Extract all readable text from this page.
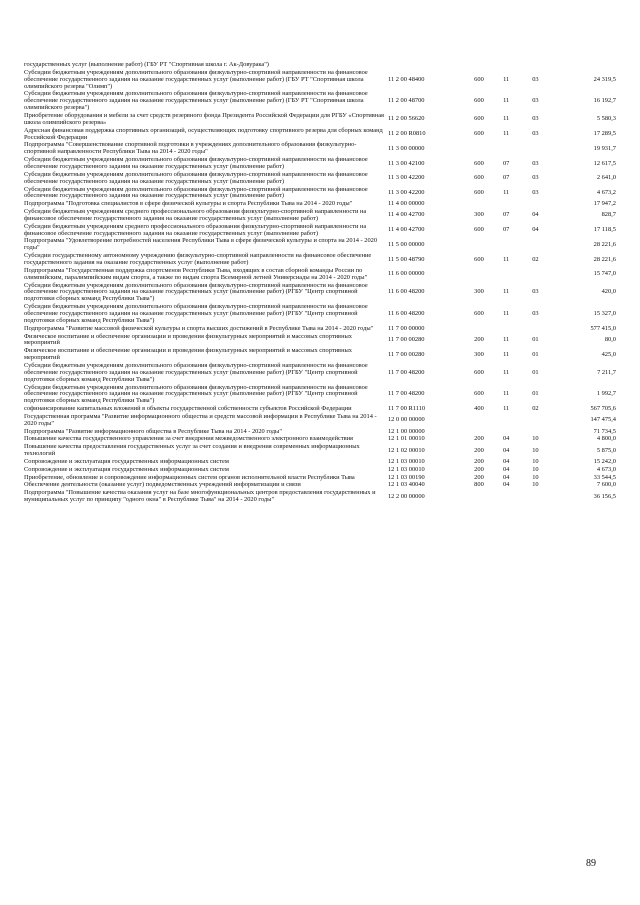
государственных услуг (выполнение работ) (ГБУ РТ "Спортивная школа г. Ак-Довурака")					
Субсидии бюджетным учреждениям дополнительного образования физкультурно-спортивной направленности на финансовое обеспечение государственного задания на оказание государственных услуг (выполнение работ) (ГБУ РТ "Спортивная школа олимпийского резерва "Олимп")	11 2 00 48400	600	11	03	24 319,5
Субсидии бюджетным учреждениям дополнительного образования физкультурно-спортивной направленности на финансовое обеспечение государственного задания на оказание государственных услуг (выполнение работ) (ГБУ РТ "Спортивная школа олимпийского резерва")	11 2 00 48700	600	11	03	16 192,7
Приобретение оборудования и мебели за счет средств резервного фонда Президента Российской Федерации для РГБУ «Спортивная школа олимпийского резерва»	11 2 00 56620	600	11	03	5 580,3
Адресная финансовая поддержка спортивных организаций, осуществляющих подготовку спортивного резерва для сборных команд Российской Федерации	11 2 00 R0810	600	11	03	17 289,5
Подпрограмма "Совершенствование спортивной подготовки в учреждениях дополнительного образования физкультурно-спортивной направленности Республики Тыва на 2014 - 2020 годы"	11 3 00 00000				19 931,7
Субсидии бюджетным учреждениям дополнительного образования физкультурно-спортивной направленности на финансовое обеспечение государственного задания на оказание государственных услуг (выполнение работ)	11 3 00 42100	600	07	03	12 617,5
Субсидии бюджетным учреждениям дополнительного образования физкультурно-спортивной направленности на финансовое обеспечение государственного задания на оказание государственных услуг (выполнение работ)	11 3 00 42200	600	07	03	2 641,0
Субсидии бюджетным учреждениям дополнительного образования физкультурно-спортивной направленности на финансовое обеспечение государственного задания на оказание государственных услуг (выполнение работ)	11 3 00 42200	600	11	03	4 673,2
Подпрограмма "Подготовка специалистов в сфере физической культуры и спорта Республики Тыва на 2014 - 2020 годы"	11 4 00 00000				17 947,2
Субсидии бюджетным учреждениям среднего профессионального образования физкультурно-спортивной направленности на финансовое обеспечение государственного задания на оказание государственных услуг (выполнение работ)	11 4 00 42700	300	07	04	828,7
Субсидии бюджетным учреждениям среднего профессионального образования физкультурно-спортивной направленности на финансовое обеспечение государственного задания на оказание государственных услуг (выполнение работ)	11 4 00 42700	600	07	04	17 118,5
Подпрограмма "Удовлетворение потребностей населения Республики Тыва в сфере физической культуры и спорта на 2014 - 2020 годы"	11 5 00 00000				28 221,6
Субсидии государственному автономному учреждению физкультурно-спортивной направленности на финансовое обеспечение государственного задания на оказание государственных услуг (выполнение работ)	11 5 00 48790	600	11	02	28 221,6
Подпрограмма "Государственная поддержка спортсменов Республики Тыва, входящих в состав сборной команды России по олимпийским, паралимпийским видам спорта, а также по видам спорта Всемирной летней Универсиады на 2014 - 2020 годы"	11 6 00 00000				15 747,0
Субсидии бюджетным учреждениям дополнительного образования физкультурно-спортивной направленности на финансовое обеспечение государственного задания на оказание государственных услуг (выполнение работ) (РГБУ "Центр спортивной подготовки сборных команд Республики Тыва")	11 6 00 48200	300	11	03	420,0
Субсидии бюджетным учреждениям дополнительного образования физкультурно-спортивной направленности на финансовое обеспечение государственного задания на оказание государственных услуг (выполнение работ) (РГБУ "Центр спортивной подготовки сборных команд Республики Тыва")	11 6 00 48200	600	11	03	15 327,0
Подпрограмма "Развитие массовой физической культуры и спорта высших достижений в Республике Тыва на 2014 - 2020 годы"	11 7 00 00000				577 415,0
Физическое воспитание и обеспечение организации и проведения физкультурных мероприятий и массовых спортивных мероприятий	11 7 00 00280	200	11	01	80,0
Физическое воспитание и обеспечение организации и проведения физкультурных мероприятий и массовых спортивных мероприятий	11 7 00 00280	300	11	01	425,0
Субсидии бюджетным учреждениям дополнительного образования физкультурно-спортивной направленности на финансовое обеспечение государственного задания на оказание государственных услуг (выполнение работ) (РГБУ "Центр спортивной подготовки сборных команд Республики Тыва")	11 7 00 48200	600	11	01	7 211,7
Субсидии бюджетным учреждениям дополнительного образования физкультурно-спортивной направленности на финансовое обеспечение государственного задания на оказание государственных услуг (выполнение работ) (РГБУ "Центр спортивной подготовки сборных команд Республики Тыва")	11 7 00 48200	600	11	01	1 992,7
софинансирование капитальных вложений в объекты государственной собственности субъектов Российской Федерации	11 7 00 R1110	400	11	02	567 705,6
Государственная программа "Развитие информационного общества и средств массовой информации в Республике Тыва на 2014 - 2020 годы"	12 0 00 00000				147 475,4
Подпрограмма "Развитие информационного общества в Республике Тыва на 2014 - 2020 годы"	12 1 00 00000				71 734,5
Повышение качества государственного управления за счет внедрения межведомственного электронного взаимодействия	12 1 01 00010	200	04	10	4 800,0
Повышение качества предоставления государственных услуг за счет создания и внедрения современных информационных технологий	12 1 02 00010	200	04	10	5 875,0
Сопровождение и эксплуатация государственных информационных систем	12 1 03 00010	200	04	10	15 242,0
Сопровождение и эксплуатация государственных информационных систем	12 1 03 00010	200	04	10	4 673,0
Приобретение, обновление и сопровождение информационных систем органов исполнительной власти Республики Тыва	12 1 03 00190	200	04	10	33 544,5
Обеспечение деятельности (оказание услуг) подведомственных учреждений информатизации и связи	12 1 03 40040	800	04	10	7 600,0
Подпрограмма "Повышение качества оказания услуг на базе многофункциональных центров предоставления государственных и муниципальных услуг по принципу "одного окна" в Республике Тыва" на 2014 - 2020 годы"	12 2 00 00000				36 156,5
89
